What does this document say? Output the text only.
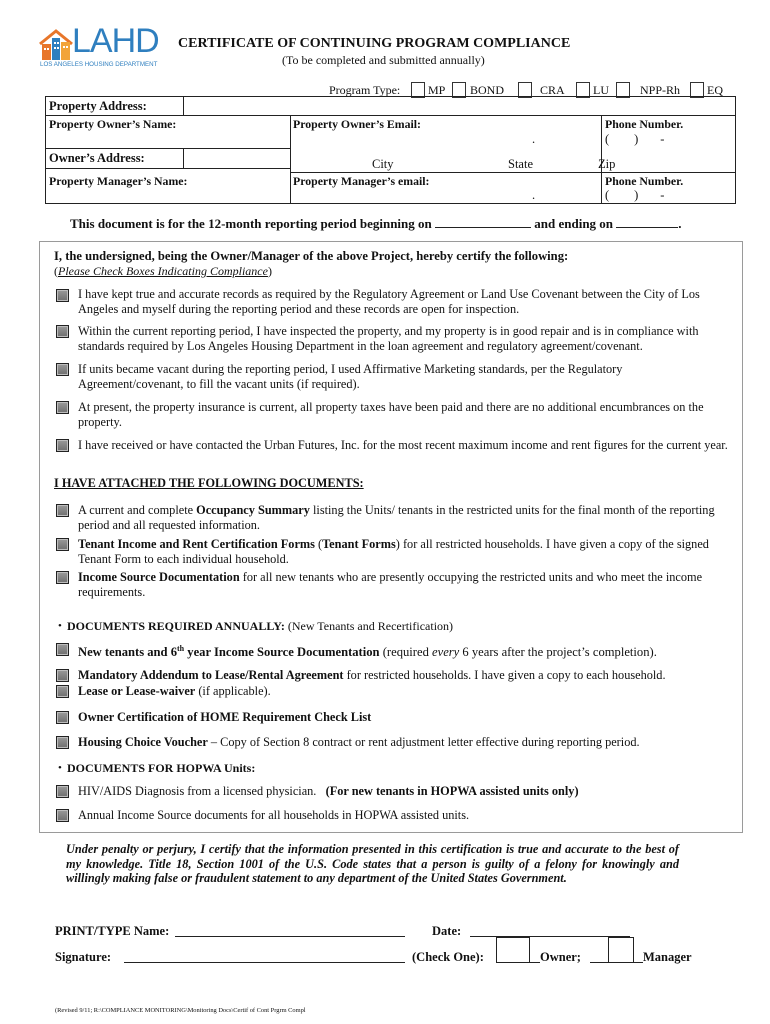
LAHD
LOS ANGELES HOUSING DEPARTMENT
CERTIFICATE OF CONTINUING PROGRAM COMPLIANCE
(To be completed and submitted annually)
Program Type: MP BOND	CRA LU	NPP-Rh EQ
Property Address:
Property Owner’s Name:	Property Owner’s Email:	Phone Number.
.	(        )       -
Owner’s Address:	City	State	Zip
Property Manager’s Name:	Property Manager’s email:	Phone Number.
.	(        )       -
This document is for the 12-month reporting period beginning on	and ending on	.
I, the undersigned, being the Owner/Manager of the above Project, hereby certify the following:
(Please Check Boxes Indicating Compliance)
I have kept true and accurate records as required by the Regulatory Agreement or Land Use Covenant between the City of Los Angeles and myself during the reporting period and these records are open for inspection.
Within the current reporting period, I have inspected the property, and my property is in good repair and is in compliance with standards required by Los Angeles Housing Department in the loan agreement and regulatory agreement/covenant.
If units became vacant during the reporting period, I used Affirmative Marketing standards, per the Regulatory Agreement/covenant, to fill the vacant units (if required).
At present, the property insurance is current, all property taxes have been paid and there are no additional encumbrances on the property.
I have received or have contacted the Urban Futures, Inc. for the most recent maximum income and rent figures for the current year.
I HAVE ATTACHED THE FOLLOWING DOCUMENTS:
A current and complete Occupancy Summary listing the Units/ tenants in the restricted units for the final month of the reporting period and all requested information.
Tenant Income and Rent Certification Forms (Tenant Forms) for all restricted households. I have given a copy of the signed Tenant Form to each individual household.
Income Source Documentation for all new tenants who are presently occupying the restricted units and who meet the income requirements.
• DOCUMENTS REQUIRED ANNUALLY: (New Tenants and Recertification)
New tenants and 6th year Income Source Documentation (required every 6 years after the project’s completion).
Mandatory Addendum to Lease/Rental Agreement for restricted households. I have given a copy to each household.
Lease or Lease-waiver (if applicable).
Owner Certification of HOME Requirement Check List
Housing Choice Voucher – Copy of Section 8 contract or rent adjustment letter effective during reporting period.
• DOCUMENTS FOR HOPWA Units:
HIV/AIDS Diagnosis from a licensed physician. (For new tenants in HOPWA assisted units only)
Annual Income Source documents for all households in HOPWA assisted units.
Under penalty or perjury, I certify that the information presented in this certification is true and accurate to the best of my knowledge. Title 18, Section 1001 of the U.S. Code states that a person is guilty of a felony for knowingly and willingly making false or fraudulent statement to any department of the United States Government.
PRINT/TYPE Name:	Date:
Signature:	(Check One):	Owner;	Manager
(Revised 9/11; R:\COMPLIANCE MONITORING\Monitoring Docs\Certif of Cont Prgrm Compl
